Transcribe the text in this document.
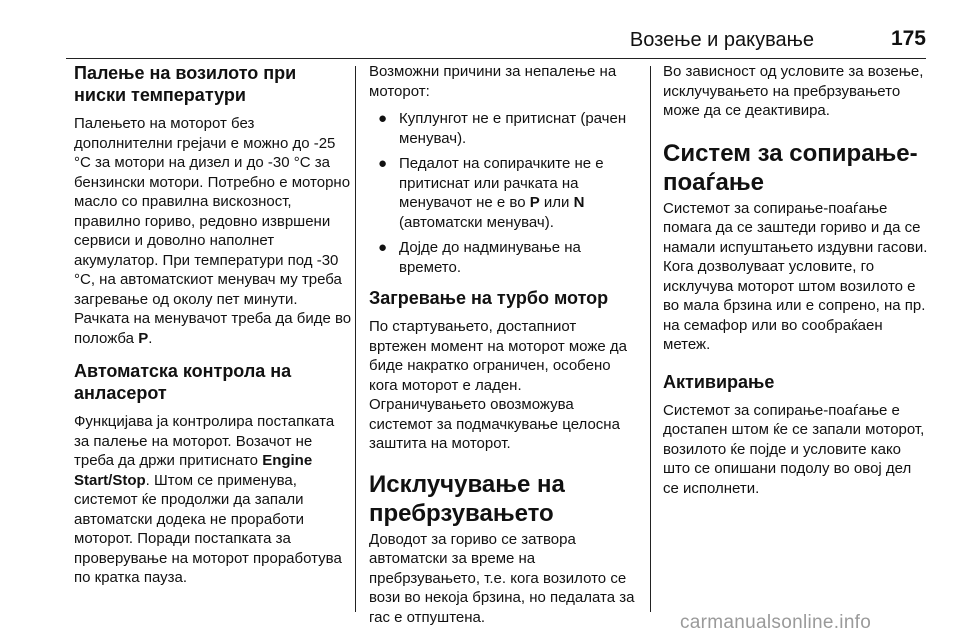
Возење и ракување	175
Палење на возилото при ниски температури

Палењето на моторот без дополнителни грејачи е можно до -25 °C за мотори на дизел и до -30 °C за бензински мотори. Потребно е моторно масло со правилна вискозност, правилно гориво, редовно извршени сервиси и доволно наполнет акумулатор. При температури под -30 °C, на автоматскиот менувач му треба загревање од околу пет минути. Рачката на менувачот треба да биде во положба P.

Автоматска контрола на анласерот

Функцијава ја контролира постапката за палење на моторот. Возачот не треба да држи притиснато Engine Start/Stop. Штом се применува, системот ќе продолжи да запали автоматски додека не проработи моторот. Поради постапката за проверување на моторот проработува по кратка пауза.

Возможни причини за непалење на моторот:

● Куплунгот не е притиснат (рачен менувач).
● Педалот на сопирачките не е притиснат или рачката на менувачот не е во P или N (автоматски менувач).
● Дојде до надминување на времето.
Загревање на турбо мотор

По стартувањето, достапниот вртежен момент на моторот може да биде накратко ограничен, особено кога моторот е ладен. Ограничувањето овозможува системот за подмачкување целосна заштита на моторот.

Исклучување на пребрзувањето

Доводот за гориво се затвора автоматски за време на пребрзувањето, т.е. кога возилото се вози во некоја брзина, но педалата за гас е отпуштена.

Во зависност од условите за возење, исклучувањето на пребрзувањето може да се деактивира.

Систем за сопирање-поаѓање

Системот за сопирање-поаѓање помага да се заштеди гориво и да се намали испуштањето издувни гасови. Кога дозволуваат условите, го исклучува моторот штом возилото е во мала брзина или е сопрено, на пр. на семафор или во сообраќаен метеж.

Активирање

Системот за сопирање-поаѓање е достапен штом ќе се запали моторот, возилото ќе појде и условите како што се опишани подолу во овој дел се исполнети.

carmanualsonline.info
